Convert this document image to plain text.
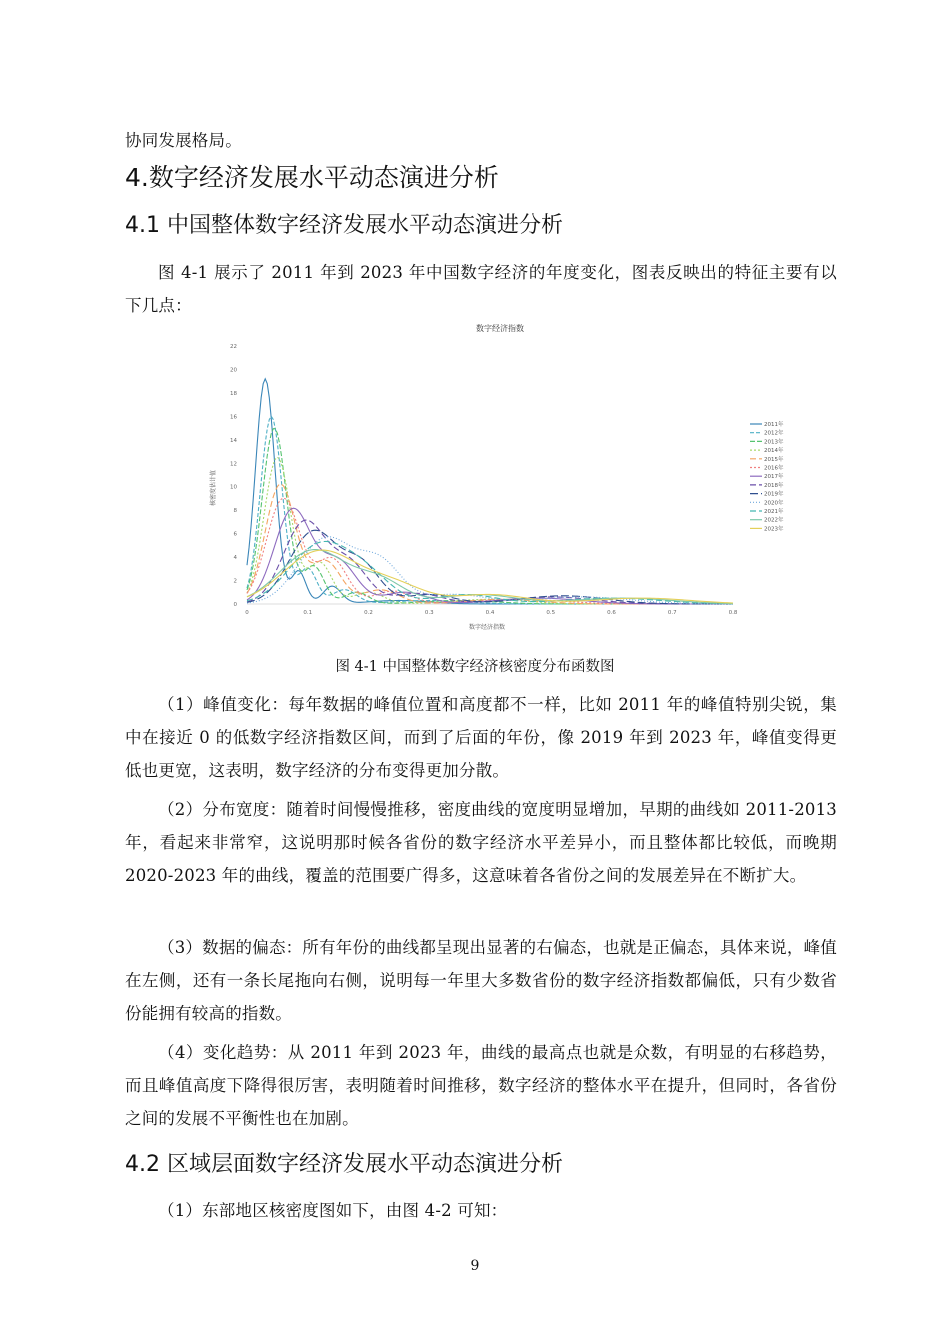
协同发展格局。
4.数字经济发展水平动态演进分析
4.1 中国整体数字经济发展水平动态演进分析
图 4-1 展示了 2011 年到 2023 年中国数字经济的年度变化，图表反映出的特征主要有以下几点：
数字经济指数
核密度估计值
数字经济指数
0
2
4
6
8
10
12
14
16
18
20
22
0	0.1	0.2	0.3	0.4	0.5	0.6	0.7	0.8
2011年
2012年
2013年
2014年
2015年
2016年
2017年
2018年
2019年
2020年
2021年
2022年
2023年
图 4-1 中国整体数字经济核密度分布函数图
（1）峰值变化：每年数据的峰值位置和高度都不一样，比如 2011 年的峰值特别尖锐，集中在接近 0 的低数字经济指数区间，而到了后面的年份，像 2019 年到 2023 年，峰值变得更低也更宽，这表明，数字经济的分布变得更加分散。
（2）分布宽度：随着时间慢慢推移，密度曲线的宽度明显增加，早期的曲线如 2011-2013 年，看起来非常窄，这说明那时候各省份的数字经济水平差异小，而且整体都比较低，而晚期 2020-2023 年的曲线，覆盖的范围要广得多，这意味着各省份之间的发展差异在不断扩大。
（3）数据的偏态：所有年份的曲线都呈现出显著的右偏态，也就是正偏态，具体来说，峰值在左侧，还有一条长尾拖向右侧，说明每一年里大多数省份的数字经济指数都偏低，只有少数省份能拥有较高的指数。
（4）变化趋势：从 2011 年到 2023 年，曲线的最高点也就是众数，有明显的右移趋势，而且峰值高度下降得很厉害，表明随着时间推移，数字经济的整体水平在提升，但同时，各省份之间的发展不平衡性也在加剧。
4.2 区域层面数字经济发展水平动态演进分析
（1）东部地区核密度图如下，由图 4-2 可知：
9
